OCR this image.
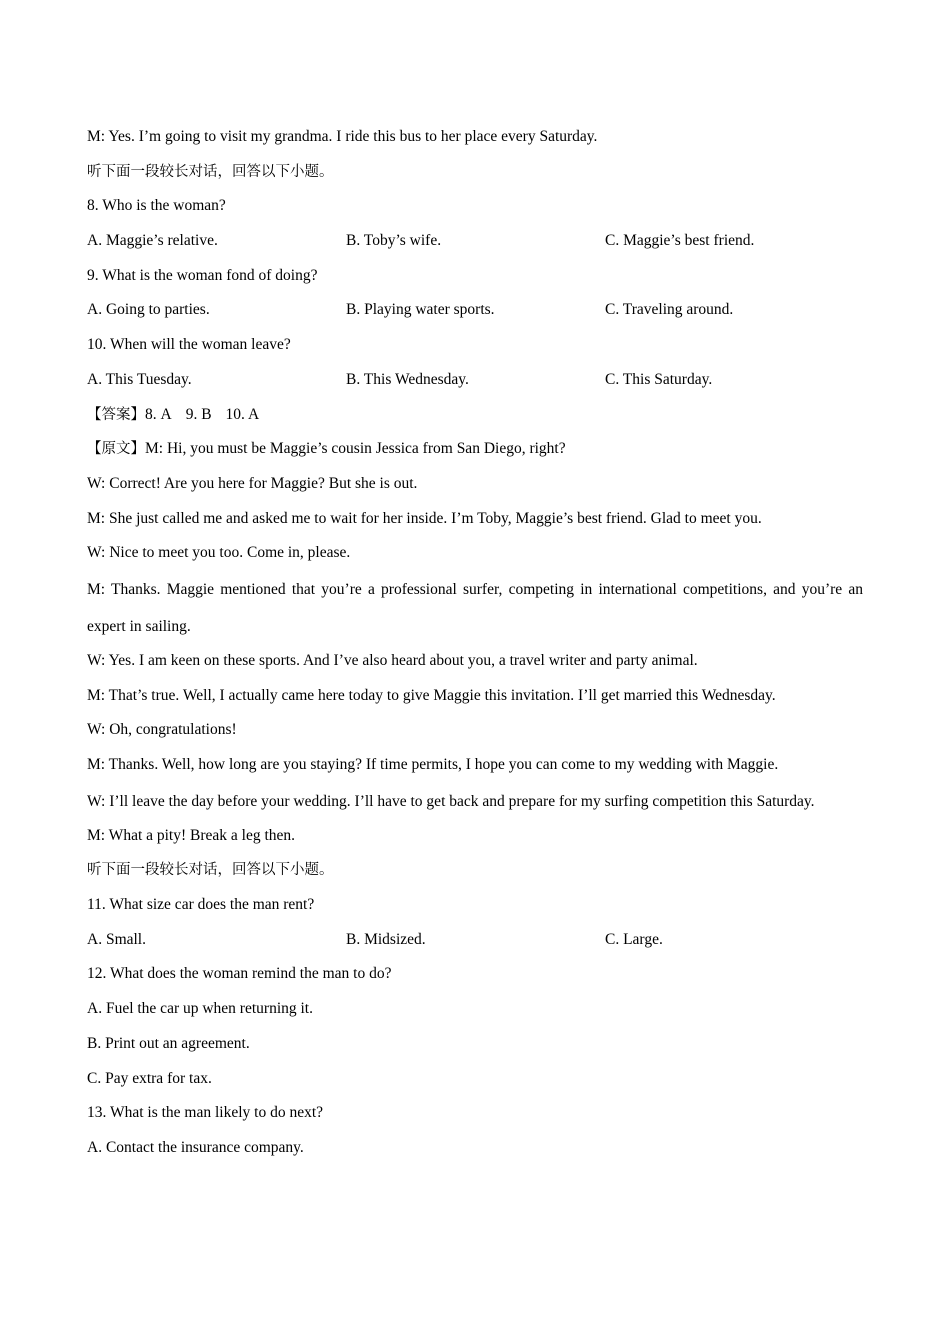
M: Yes. I’m going to visit my grandma. I ride this bus to her place every Saturday.
听下面一段较长对话，回答以下小题。
8. Who is the woman?
A. Maggie’s relative.	B. Toby’s wife.	C. Maggie’s best friend.
9. What is the woman fond of doing?
A. Going to parties.	B. Playing water sports.	C. Traveling around.
10. When will the woman leave?
A. This Tuesday.	B. This Wednesday.	C. This Saturday.
【答案】8. A 9. B 10. A
【原文】M: Hi, you must be Maggie’s cousin Jessica from San Diego, right?
W: Correct! Are you here for Maggie? But she is out.
M: She just called me and asked me to wait for her inside. I’m Toby, Maggie’s best friend. Glad to meet you.
W: Nice to meet you too. Come in, please.
M: Thanks. Maggie mentioned that you’re a professional surfer, competing in international competitions, and you’re an expert in sailing.
W: Yes. I am keen on these sports. And I’ve also heard about you, a travel writer and party animal.
M: That’s true. Well, I actually came here today to give Maggie this invitation. I’ll get married this Wednesday.
W: Oh, congratulations!
M: Thanks. Well, how long are you staying? If time permits, I hope you can come to my wedding with Maggie.
W: I’ll leave the day before your wedding. I’ll have to get back and prepare for my surfing competition this Saturday.
M: What a pity! Break a leg then.
听下面一段较长对话，回答以下小题。
11. What size car does the man rent?
A. Small.	B. Midsized.	C. Large.
12. What does the woman remind the man to do?
A. Fuel the car up when returning it.
B. Print out an agreement.
C. Pay extra for tax.
13. What is the man likely to do next?
A. Contact the insurance company.
